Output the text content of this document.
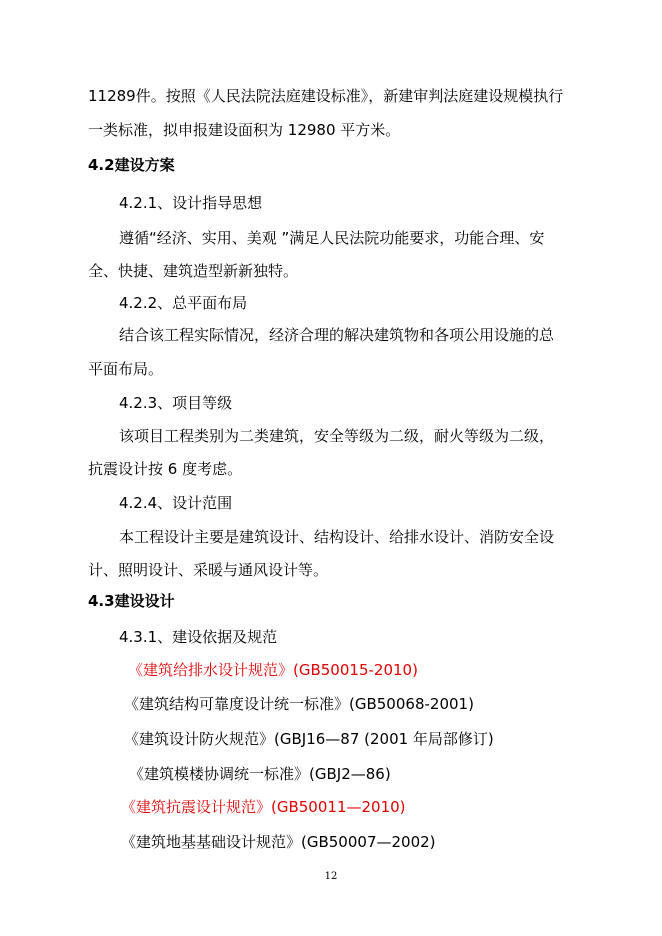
11289件。按照《人民法院法庭建设标准》，新建审判法庭建设规模执行
一类标准，拟申报建设面积为 12980 平方米。
4.2建设方案
4.2.1、设计指导思想
遵循“经济、实用、美观 ”满足人民法院功能要求，功能合理、安
全、快捷、建筑造型新新独特。
4.2.2、总平面布局
结合该工程实际情况，经济合理的解决建筑物和各项公用设施的总
平面布局。
4.2.3、项目等级
该项目工程类别为二类建筑，安全等级为二级，耐火等级为二级，
抗震设计按 6 度考虑。
4.2.4、设计范围
本工程设计主要是建筑设计、结构设计、给排水设计、消防安全设
计、照明设计、采暖与通风设计等。
4.3建设设计
4.3.1、建设依据及规范
《建筑给排水设计规范》(GB50015-2010)
《建筑结构可靠度设计统一标准》(GB50068-2001)
《建筑设计防火规范》(GBJ16—87 (2001 年局部修订)
《建筑模楼协调统一标准》(GBJ2—86)
《建筑抗震设计规范》(GB50011—2010)
《建筑地基基础设计规范》(GB50007—2002)
12
